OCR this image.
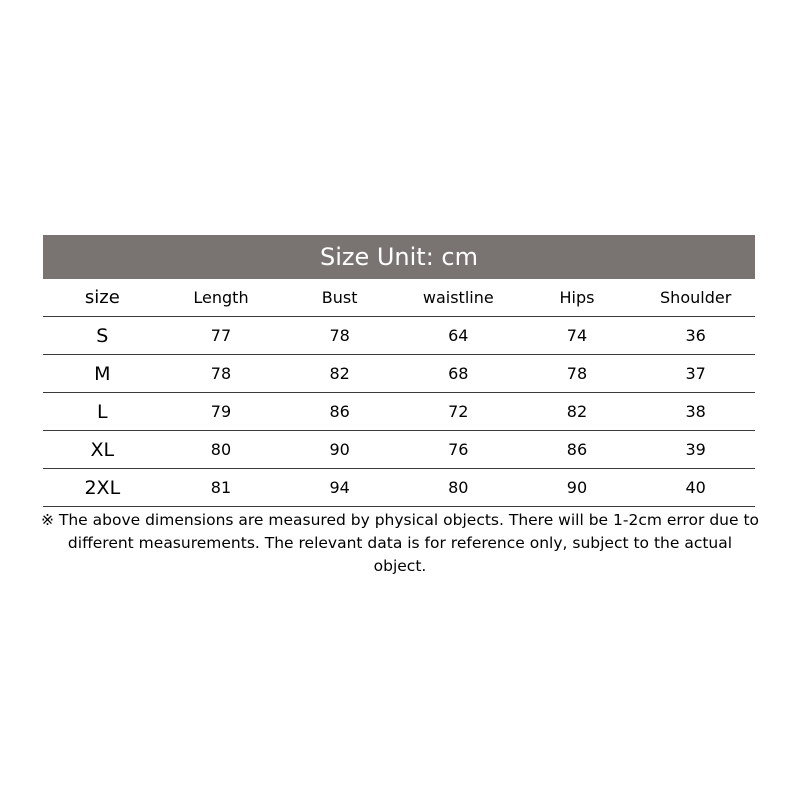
Size Unit: cm
size	Length	Bust	waistline	Hips	Shoulder
S	77	78	64	74	36
M	78	82	68	78	37
L	79	86	72	82	38
XL	80	90	76	86	39
2XL	81	94	80	90	40
※ The above dimensions are measured by physical objects. There will be 1-2cm error due to different measurements. The relevant data is for reference only, subject to the actual object.
